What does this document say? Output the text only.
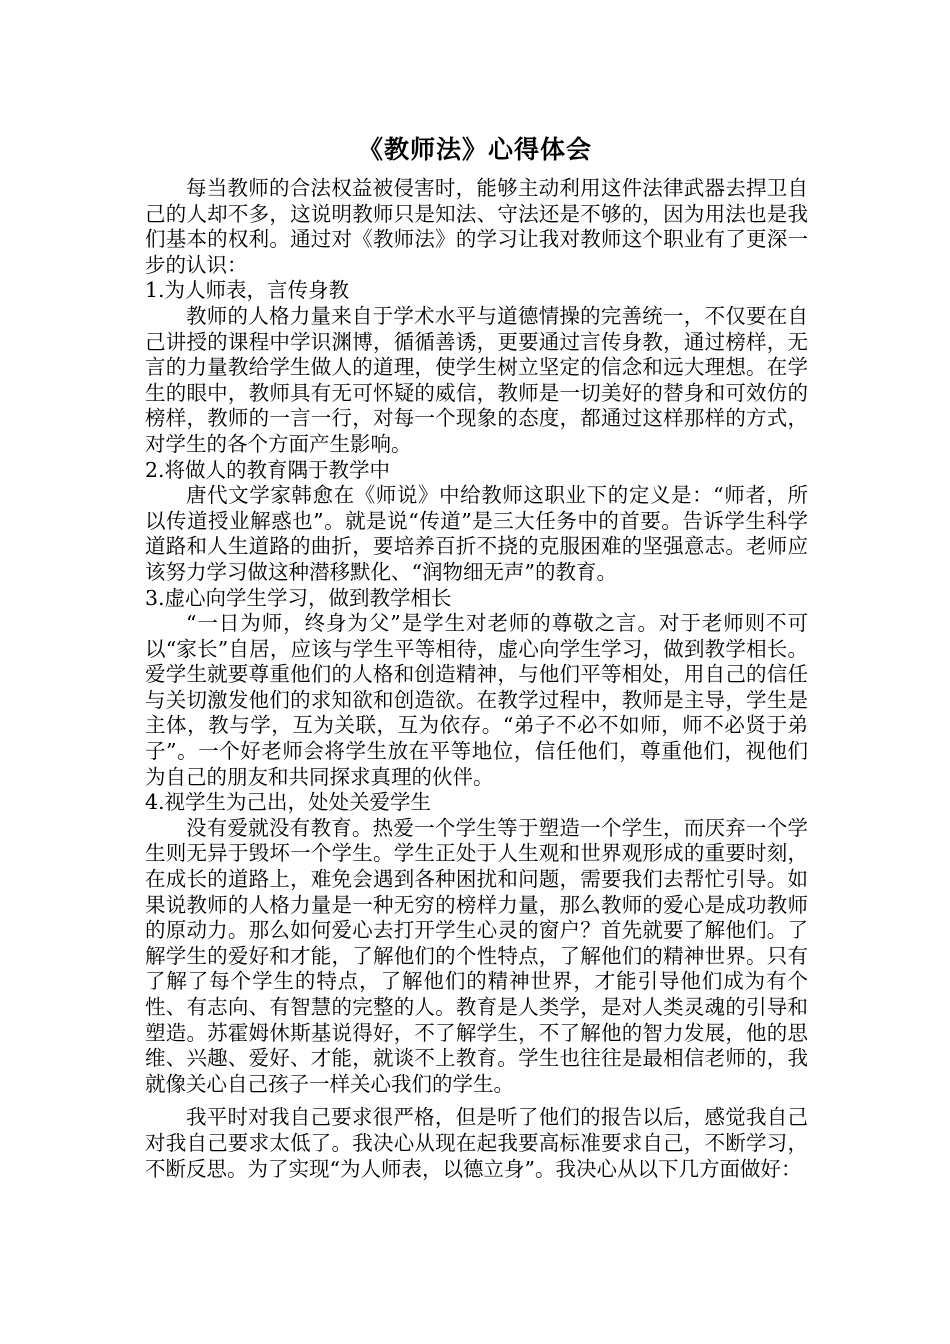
《教师法》心得体会

每当教师的合法权益被侵害时，能够主动利用这件法律武器去捍卫自己的人却不多，这说明教师只是知法、守法还是不够的，因为用法也是我们基本的权利。通过对《教师法》的学习让我对教师这个职业有了更深一步的认识：

1.为人师表，言传身教

教师的人格力量来自于学术水平与道德情操的完善统一，不仅要在自己讲授的课程中学识渊博，循循善诱，更要通过言传身教，通过榜样，无言的力量教给学生做人的道理，使学生树立坚定的信念和远大理想。在学生的眼中，教师具有无可怀疑的威信，教师是一切美好的替身和可效仿的榜样，教师的一言一行，对每一个现象的态度，都通过这样那样的方式，对学生的各个方面产生影响。

2.将做人的教育隅于教学中

唐代文学家韩愈在《师说》中给教师这职业下的定义是：“师者，所以传道授业解惑也”。就是说“传道”是三大任务中的首要。告诉学生科学道路和人生道路的曲折，要培养百折不挠的克服困难的坚强意志。老师应该努力学习做这种潜移默化、“润物细无声”的教育。

3.虚心向学生学习，做到教学相长

“一日为师，终身为父”是学生对老师的尊敬之言。对于老师则不可以“家长”自居，应该与学生平等相待，虚心向学生学习，做到教学相长。爱学生就要尊重他们的人格和创造精神，与他们平等相处，用自己的信任与关切激发他们的求知欲和创造欲。在教学过程中，教师是主导，学生是主体，教与学，互为关联，互为依存。“弟子不必不如师，师不必贤于弟子”。一个好老师会将学生放在平等地位，信任他们，尊重他们，视他们为自己的朋友和共同探求真理的伙伴。

4.视学生为己出，处处关爱学生

没有爱就没有教育。热爱一个学生等于塑造一个学生，而厌弃一个学生则无异于毁坏一个学生。学生正处于人生观和世界观形成的重要时刻，在成长的道路上，难免会遇到各种困扰和问题，需要我们去帮忙引导。如果说教师的人格力量是一种无穷的榜样力量，那么教师的爱心是成功教师的原动力。那么如何爱心去打开学生心灵的窗户？首先就要了解他们。了解学生的爱好和才能，了解他们的个性特点，了解他们的精神世界。只有了解了每个学生的特点，了解他们的精神世界，才能引导他们成为有个性、有志向、有智慧的完整的人。教育是人类学，是对人类灵魂的引导和塑造。苏霍姆休斯基说得好，不了解学生，不了解他的智力发展，他的思维、兴趣、爱好、才能，就谈不上教育。学生也往往是最相信老师的，我就像关心自己孩子一样关心我们的学生。

我平时对我自己要求很严格，但是听了他们的报告以后，感觉我自己对我自己要求太低了。我决心从现在起我要高标准要求自己，不断学习，不断反思。为了实现“为人师表，以德立身”。我决心从以下几方面做好：
